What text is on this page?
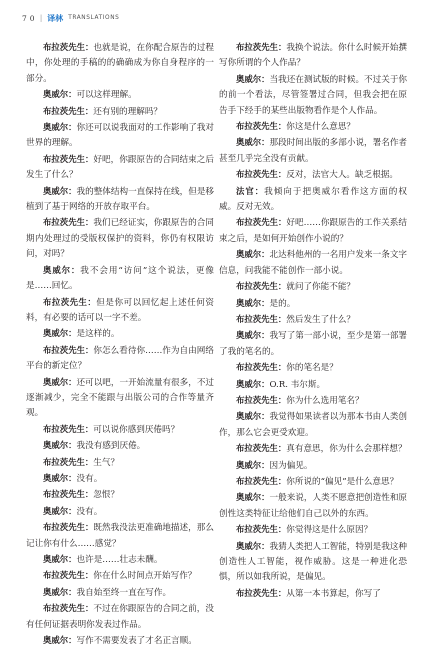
7 0 | 译林 TRANSLATIONS

布拉茨先生：也就是说，在你配合原告的过程中，你处理的手稿的的确确成为你自身程序的一部分。

奥威尔：可以这样理解。

布拉茨先生：还有别的理解吗？

奥威尔：你还可以说我面对的工作影响了我对世界的理解。

布拉茨先生：好吧，你跟原告的合同结束之后发生了什么？

奥威尔：我的整体结构一直保持在线，但是移植到了基于网络的开放存取平台。

布拉茨先生：我们已经证实，你跟原告的合同期内处理过的受版权保护的资料，你仍有权限访问，对吗？

奥威尔：我不会用“访问”这个说法，更像是……回忆。

布拉茨先生：但是你可以回忆起上述任何资料，有必要的话可以一字不差。

奥威尔：是这样的。

布拉茨先生：你怎么看待你……作为自由网络平台的新定位？

奥威尔：还可以吧，一开始流量有很多，不过逐渐减少，完全不能跟与出版公司的合作等量齐观。

布拉茨先生：可以说你感到厌倦吗？

奥威尔：我没有感到厌倦。

布拉茨先生：生气？

奥威尔：没有。

布拉茨先生：忽恨？

奥威尔：没有。

布拉茨先生：既然我没法更准确地描述，那么记让你有什么……感觉？

奥威尔：也许是……壮志未酬。

布拉茨先生：你在什么时间点开始写作？

奥威尔：我自始至终一直在写作。

布拉茨先生：不过在你跟原告的合同之前，没有任何证据表明你发表过作品。

奥威尔：写作不需要发表了才名正言顺。

布拉茨先生：我换个说法。你什么时候开始撰写你所谓的个人作品？

奥威尔：当我还在测试版的时候。不过关于你的前一个看法，尽管签署过合同，但我会把在原告手下经手的某些出版物看作是个人作品。

布拉茨先生：你这是什么意思？

奥威尔：那段时间出版的多部小说，署名作者甚至几乎完全没有贡献。

布拉茨先生：反对，法官大人。缺乏根据。

法官：我倾向于把奥威尔看作这方面的权威。反对无效。

布拉茨先生：好吧……你跟原告的工作关系结束之后，是如何开始创作小说的？

奥威尔：北达科他州的一名用户发来一条文字信息，问我能不能创作一部小说。

布拉茨先生：就问了你能不能？

奥威尔：是的。

布拉茨先生：然后发生了什么？

奥威尔：我写了第一部小说，至少是第一部署了我的笔名的。

布拉茨先生：你的笔名是？

奥威尔：O.R. 韦尔斯。

布拉茨先生：你为什么选用笔名？

奥威尔：我觉得如果读者以为那本书由人类创作，那么它会更受欢迎。

布拉茨先生：真有意思，你为什么会那样想？

奥威尔：因为偏见。

布拉茨先生：你所说的“偏见”是什么意思？

奥威尔：一般来说，人类不愿意把创造性和原创性这类特征让给他们自己以外的东西。

布拉茨先生：你觉得这是什么原因？

奥威尔：我猜人类把人工智能，特别是我这种创造性人工智能，视作威胁。这是一种进化恐惧，所以如我所说，是偏见。

布拉茨先生：从第一本书算起，你写了
